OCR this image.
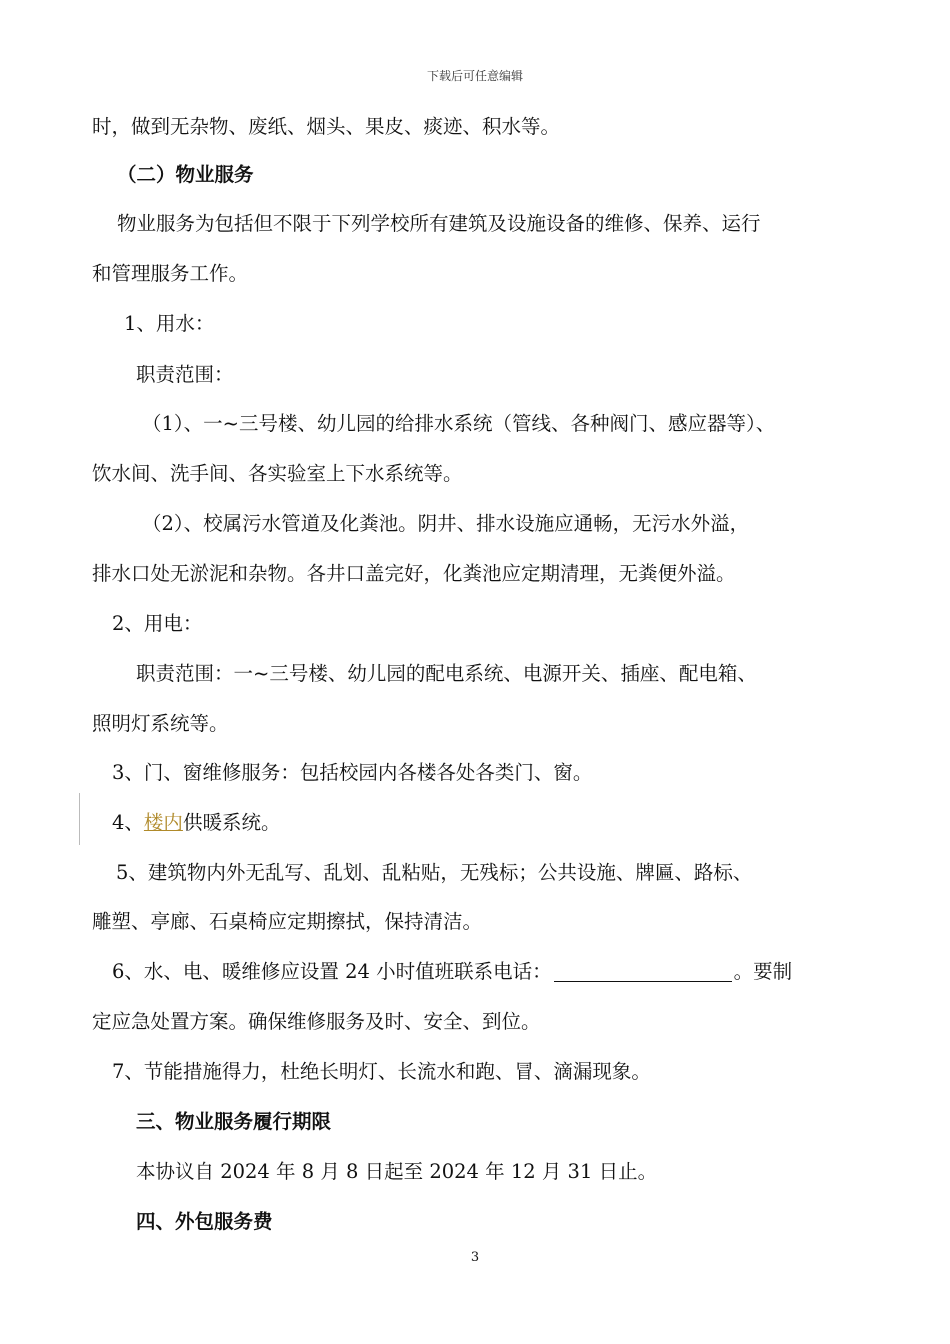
下载后可任意编辑
时，做到无杂物、废纸、烟头、果皮、痰迹、积水等。
（二）物业服务
物业服务为包括但不限于下列学校所有建筑及设施设备的维修、保养、运行
和管理服务工作。
1、用水：
职责范围：
（1）、一~三号楼、幼儿园的给排水系统（管线、各种阀门、感应器等）、
饮水间、洗手间、各实验室上下水系统等。
（2）、校属污水管道及化粪池。阴井、排水设施应通畅，无污水外溢，
排水口处无淤泥和杂物。各井口盖完好，化粪池应定期清理，无粪便外溢。
2、用电：
职责范围：一~三号楼、幼儿园的配电系统、电源开关、插座、配电箱、
照明灯系统等。
3、门、窗维修服务：包括校园内各楼各处各类门、窗。
4、楼内供暖系统。
5、建筑物内外无乱写、乱划、乱粘贴，无残标；公共设施、牌匾、路标、
雕塑、亭廊、石桌椅应定期擦拭，保持清洁。
6、水、电、暖维修应设置 24 小时值班联系电话：	。要制
定应急处置方案。确保维修服务及时、安全、到位。
7、节能措施得力，杜绝长明灯、长流水和跑、冒、滴漏现象。
三、物业服务履行期限
本协议自 2024 年 8 月 8 日起至 2024 年 12 月 31 日止。
四、外包服务费
3
